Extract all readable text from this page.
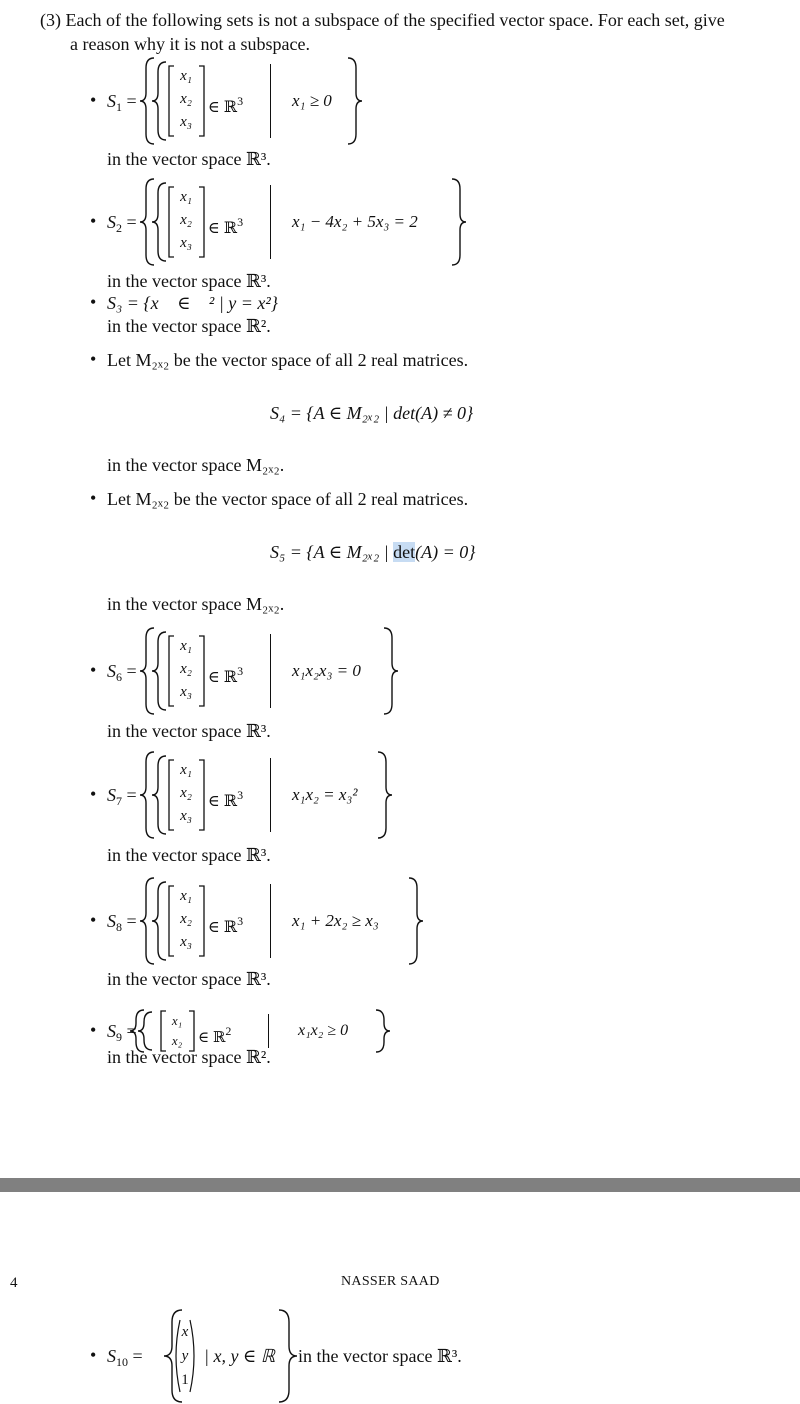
(3) Each of the following sets is not a subspace of the specified vector space. For each set, give
a reason why it is not a subspace.
• $S_1$ =
x₁
x₂
x₃
∈ ℝ$^3$	x₁ ≥ 0
in the vector space ℝ³.
• $S_2$ =
x₁
x₂
x₃
∈ ℝ$^3$	x₁ − 4x₂ + 5x₃ = 2
in the vector space ℝ³.
• $S_6$ =
x₁
x₂
x₃
∈ ℝ$^3$	x₁x₂x₃ = 0
in the vector space ℝ³.
• $S_7$ =
x₁
x₂
x₃
∈ ℝ$^3$	x₁x₂ = x₃²
in the vector space ℝ³.
• $S_8$ =
x₁
x₂
x₃
∈ ℝ$^3$	x₁ + 2x₂ ≥ x₃
in the vector space ℝ³.
• $S_9$ =
x₁
x₂ ∈ ℝ$^2$	x₁x₂ ≥ 0
in the vector space ℝ².
• S₃ = {x⃗ ∈ ℝ² | y = x²}
in the vector space ℝ².
• Let M₂ₓ₂ be the vector space of all 2 real matrices.
S₄ = {A ∈ M₂ₓ₂ | det(A) ≠ 0}
in the vector space M₂ₓ₂.
• Let M₂ₓ₂ be the vector space of all 2 real matrices.
S₅ = {A ∈ M₂ₓ₂ | det(A) = 0}
in the vector space M₂ₓ₂.
4	NASSER SAAD
• $S_{10}$ =
x
y
1
| x, y ∈ ℝ in the vector space ℝ³.
